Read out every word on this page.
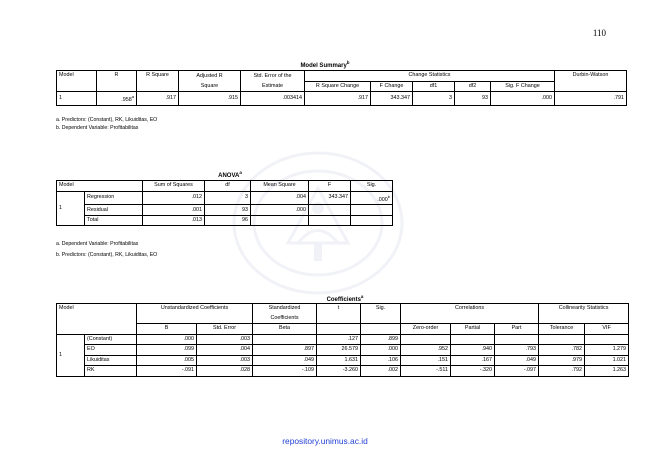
110
Model Summary$^b$
Model	R	R Square	Adjusted R	Std. Error of the	Change Statistics					Durbin-Watson
			Square	Estimate	R Square Change	F Change	df1	df2	Sig. F Change	
1	.958$^a$	.917	.915	.003414	.917	343.347	3	93	.000	.791
a. Predictors: (Constant), RK, Likuiditas, EO
b. Dependent Variable: Profitabilitas
ANOVA$^a$
Model		Sum of Squares	df	Mean Square	F	Sig.
1	Regression	.012	3	.004	343.347	.000$^b$
	Residual	.001	93	.000		
	Total	.013	96			
a. Dependent Variable: Profitabilitas
b. Predictors: (Constant), RK, Likuiditas, EO
Coefficients$^a$
Model		Unstandardized Coefficients		Standardized	t	Sig.	Correlations			Collinearity Statistics	
				Coefficients							
		B	Std. Error	Beta			Zero-order	Partial	Part	Tolerance	VIF
1	(Constant)	.000	.003		.127	.899					
	EO	.099	.004	.897	26.579	.000	.952	.940	.793	.782	1.279
	Likuiditas	.005	.003	.049	1.631	.106	.151	.167	.049	.979	1.021
	RK	-.091	.028	-.109	-3.260	.002	-.511	-.320	-.097	.792	1.263
repository.unimus.ac.id
